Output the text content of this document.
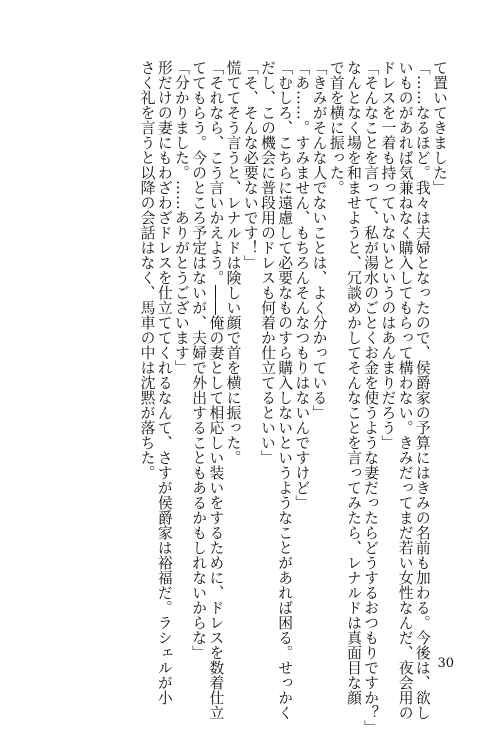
て置いてきました」
「……なるほど。我々は夫婦となったので、侯爵家の予算にはきみの名前も加わる。今後は、欲し
いものがあれば気兼ねなく購入してもらって構わない。きみだってまだ若い女性なんだ、夜会用の
ドレスを一着も持っていないというのはあんまりだろう」
「そんなことを言って、私が湯水のごとくお金を使うような妻だったらどうするおつもりですか？」
なんとなく場を和ませようと、冗談めかしてそんなことを言ってみたら、レナルドは真面目な顔
で首を横に振った。
「きみがそんな人でないことは、よく分かっている」
「あ……。すみません、もちろんそんなつもりはないんですけど」
「むしろ、こちらに遠慮して必要なものすら購入しないというようなことがあれば困る。せっかく
だし、この機会に普段用のドレスも何着か仕立てるといい」
「そ、そんな必要ないです！」
慌ててそう言うと、レナルドは険しい顔で首を横に振った。
「それなら、こう言いかえよう。――俺の妻として相応しい装いをするために、ドレスを数着仕立
ててもらう。今のところ予定はないが、夫婦で外出することもあるかもしれないからな」
「分かりました。……ありがとうございます」
形だけの妻にもわざわざドレスを仕立ててくれるなんて、さすが侯爵家は裕福だ。ラシェルが小
さく礼を言うと以降の会話はなく、馬車の中は沈黙が落ちた。
30
